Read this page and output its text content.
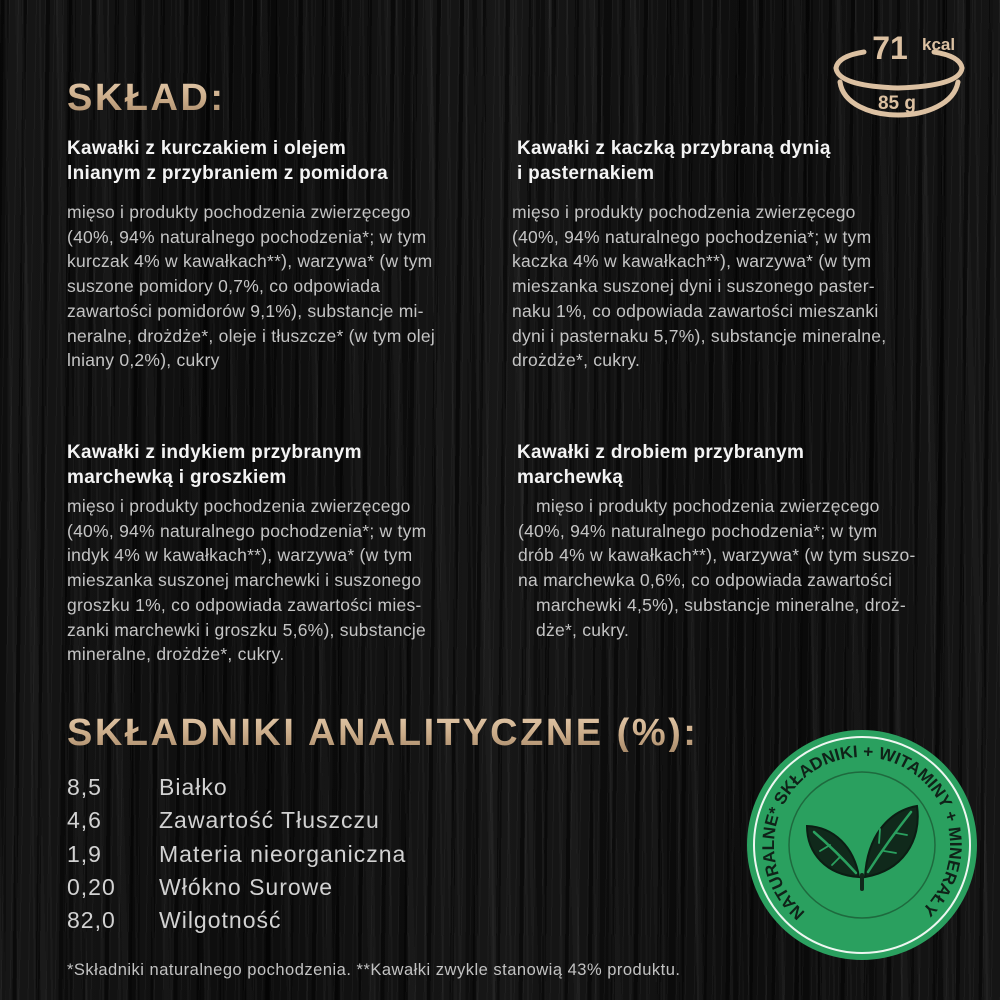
71 kcal
85 g
SKŁAD:
Kawałki z kurczakiem i olejem
lnianym z przybraniem z pomidora
mięso i produkty pochodzenia zwierzęcego
(40%, 94% naturalnego pochodzenia*; w tym
kurczak 4% w kawałkach**), warzywa* (w tym
suszone pomidory 0,7%, co odpowiada
zawartości pomidorów 9,1%), substancje mi-
neralne, drożdże*, oleje i tłuszcze* (w tym olej
lniany 0,2%), cukry
Kawałki z kaczką przybraną dynią
i pasternakiem
mięso i produkty pochodzenia zwierzęcego
(40%, 94% naturalnego pochodzenia*; w tym
kaczka 4% w kawałkach**), warzywa* (w tym
mieszanka suszonej dyni i suszonego paster-
naku 1%, co odpowiada zawartości mieszanki
dyni i pasternaku 5,7%), substancje mineralne,
drożdże*, cukry.
Kawałki z indykiem przybranym
marchewką i groszkiem
mięso i produkty pochodzenia zwierzęcego
(40%, 94% naturalnego pochodzenia*; w tym
indyk 4% w kawałkach**), warzywa* (w tym
mieszanka suszonej marchewki i suszonego
groszku 1%, co odpowiada zawartości mies-
zanki marchewki i groszku 5,6%), substancje
mineralne, drożdże*, cukry.
Kawałki z drobiem przybranym
marchewką
mięso i produkty pochodzenia zwierzęcego
(40%, 94% naturalnego pochodzenia*; w tym
drób 4% w kawałkach**), warzywa* (w tym suszo-
na marchewka 0,6%, co odpowiada zawartości
marchewki 4,5%), substancje mineralne, droż-
dże*, cukry.
SKŁADNIKI ANALITYCZNE (%):
8,5	Białko
4,6	Zawartość Tłuszczu
1,9	Materia nieorganiczna
0,20	Włókno Surowe
82,0	Wilgotność	NATURALNE* SKŁADNIKI + WITAMINY + MINERAŁY
*Składniki naturalnego pochodzenia. **Kawałki zwykle stanowią 43% produktu.
